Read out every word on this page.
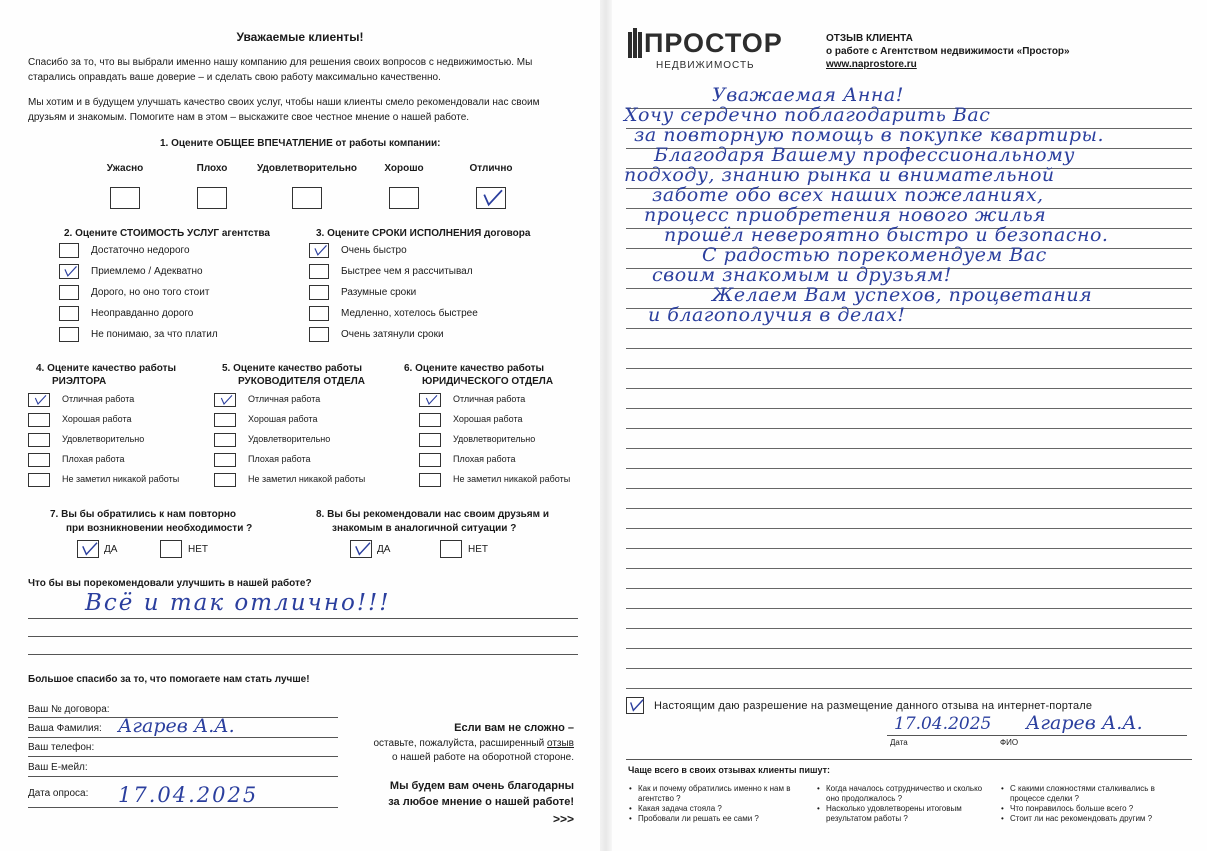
Уважаемые клиенты!
Спасибо за то, что вы выбрали именно нашу компанию для решения своих вопросов с недвижимостью. Мы старались оправдать ваше доверие – и сделать свою работу максимально качественно.
Мы хотим и в будущем улучшать качество своих услуг, чтобы наши клиенты смело рекомендовали нас своим друзьям и знакомым. Помогите нам в этом – выскажите свое честное мнение о нашей работе.
1. Оцените ОБЩЕЕ ВПЕЧАТЛЕНИЕ от работы компании:
Ужасно	Плохо	Удовлетворительно	Хорошо	Отлично
2. Оцените СТОИМОСТЬ УСЛУГ агентства
Достаточно недорого
Приемлемо / Адекватно
Дорого, но оно того стоит
Неоправданно дорого
Не понимаю, за что платил
3. Оцените СРОКИ ИСПОЛНЕНИЯ договора
Очень быстро
Быстрее чем я рассчитывал
Разумные сроки
Медленно, хотелось быстрее
Очень затянули сроки
4. Оцените качество работы
РИЭЛТОРА
5. Оцените качество работы
РУКОВОДИТЕЛЯ ОТДЕЛА
6. Оцените качество работы
ЮРИДИЧЕСКОГО ОТДЕЛА
Отличная работа
Хорошая работа
Удовлетворительно
Плохая работа
Не заметил никакой работы
Отличная работа
Хорошая работа
Удовлетворительно
Плохая работа
Не заметил никакой работы
Отличная работа
Хорошая работа
Удовлетворительно
Плохая работа
Не заметил никакой работы
7. Вы бы обратились к нам повторно
при возникновении необходимости ?
ДА	НЕТ
8. Вы бы рекомендовали нас своим друзьям и
знакомым в аналогичной ситуации ?
ДА	НЕТ
Что бы вы порекомендовали улучшить в нашей работе?
Всё и так отлично!!!
Большое спасибо за то, что помогаете нам стать лучше!
Ваш № договора:
Ваша Фамилия: Агарев А.А.
Ваш телефон:
Ваш E-мейл:
Дата опроса: 17.04.2025
Если вам не сложно –
оставьте, пожалуйста, расширенный отзыв
о нашей работе на оборотной стороне.
Мы будем вам очень благодарны
за любое мнение о нашей работе!
>>>
ПРОСТОР
НЕДВИЖИМОСТЬ
ОТЗЫВ КЛИЕНТА
о работе с Агентством недвижимости «Простор»
www.naprostore.ru
Уважаемая Анна!
Хочу сердечно поблагодарить Вас
за повторную помощь в покупке квартиры.
Благодаря Вашему профессиональному
подходу, знанию рынка и внимательной
заботе обо всех наших пожеланиях,
процесс приобретения нового жилья
прошёл невероятно быстро и безопасно.
С радостью порекомендуем Вас
своим знакомым и друзьям!
Желаем Вам успехов, процветания
и благополучия в делах!
Настоящим даю разрешение на размещение данного отзыва на интернет-портале
17.04.2025 Агарев А.А.
Дата	ФИО
Чаще всего в своих отзывах клиенты пишут:
• Как и почему обратились именно к нам в агентство ?
• Какая задача стояла ?
• Пробовали ли решать ее сами ?
• Когда началось сотрудничество и сколько оно продолжалось ?
• Насколько удовлетворены итоговым результатом работы ?
• С какими сложностями сталкивались в процессе сделки ?
• Что понравилось больше всего ?
• Стоит ли нас рекомендовать другим ?
